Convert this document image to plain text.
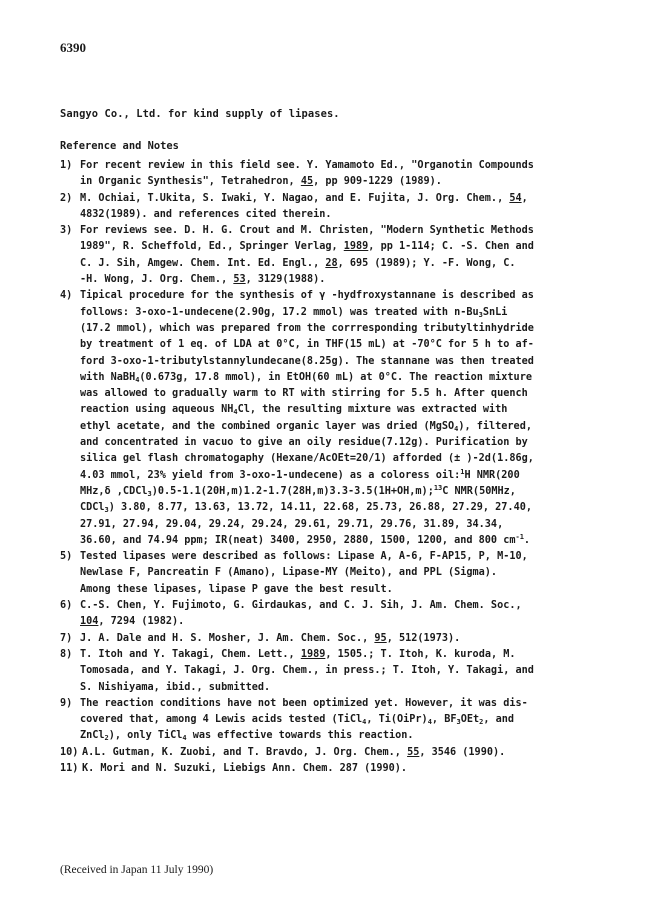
6390
Sangyo Co., Ltd. for kind supply of lipases.
Reference and Notes
1) For recent review in this field see. Y. Yamamoto Ed., "Organotin Compounds
in Organic Synthesis", Tetrahedron, 45, pp 909-1229 (1989).
2) M. Ochiai, T.Ukita, S. Iwaki, Y. Nagao, and E. Fujita, J. Org. Chem., 54,
4832(1989). and references cited therein.
3) For reviews see. D. H. G. Crout and M. Christen, "Modern Synthetic Methods
1989", R. Scheffold, Ed., Springer Verlag, 1989, pp 1-114; C. -S. Chen and
C. J. Sih, Amgew. Chem. Int. Ed. Engl., 28, 695 (1989); Y. -F. Wong, C.
-H. Wong, J. Org. Chem., 53, 3129(1988).
4) Tipical procedure for the synthesis of γ -hydfroxystannane is described as
follows: 3-oxo-1-undecene(2.90g, 17.2 mmol) was treated with $n-Bu_3SnLi$
(17.2 mmol), which was prepared from the corrresponding tributyltinhydride
by treatment of 1 eq. of LDA at 0°C, in THF(15 mL) at -70°C for 5 h to af-
ford 3-oxo-1-tributylstannylundecane(8.25g). The stannane was then treated
with NaBH$_4$(0.673g, 17.8 mmol), in EtOH(60 mL) at 0°C. The reaction mixture
was allowed to gradually warm to RT with stirring for 5.5 h. After quench
reaction using aqueous $NH_4Cl$, the resulting mixture was extracted with
ethyl acetate, and the combined organic layer was dried (MgSO$_4$), filtered,
and concentrated in vacuo to give an oily residue(7.12g). Purification by
silica gel flash chromatogaphy (Hexane/AcOEt=20/1) afforded (± )-2d(1.86g,
4.03 mmol, 23% yield from 3-oxo-1-undecene) as a coloress oil:$^1$H NMR(200
MHz,δ ,CDCl$_3$)0.5-1.1(20H,m)1.2-1.7(28H,m)3.3-3.5(1H+OH,m);$^{13}$C NMR(50MHz,
CDCl$_3$) 3.80, 8.77, 13.63, 13.72, 14.11, 22.68, 25.73, 26.88, 27.29, 27.40,
27.91, 27.94, 29.04, 29.24, 29.24, 29.61, 29.71, 29.76, 31.89, 34.34,
36.60, and 74.94 ppm; IR(neat) 3400, 2950, 2880, 1500, 1200, and 800 $cm^{-1}$.
5) Tested lipases were described as follows: Lipase A, A-6, F-AP15, P, M-10,
Newlase F, Pancreatin F (Amano), Lipase-MY (Meito), and PPL (Sigma).
Among these lipases, lipase P gave the best result.
6) C.-S. Chen, Y. Fujimoto, G. Girdaukas, and C. J. Sih, J. Am. Chem. Soc.,
104, 7294 (1982).
7) J. A. Dale and H. S. Mosher, J. Am. Chem. Soc., 95, 512(1973).
8) T. Itoh and Y. Takagi, Chem. Lett., 1989, 1505.; T. Itoh, K. kuroda, M.
Tomosada, and Y. Takagi, J. Org. Chem., in press.; T. Itoh, Y. Takagi, and
S. Nishiyama, ibid., submitted.
9) The reaction conditions have not been optimized yet. However, it was dis-
covered that, among 4 Lewis acids tested (TiCl$_4$, $Ti(OiPr)_4$, $BF_3OEt_2$, and
ZnCl$_2$), only TiCl$_4$ was effective towards this reaction.
10) A.L. Gutman, K. Zuobi, and T. Bravdo, J. Org. Chem., 55, 3546 (1990).
11) K. Mori and N. Suzuki, Liebigs Ann. Chem. 287 (1990).
(Received in Japan 11 July 1990)
